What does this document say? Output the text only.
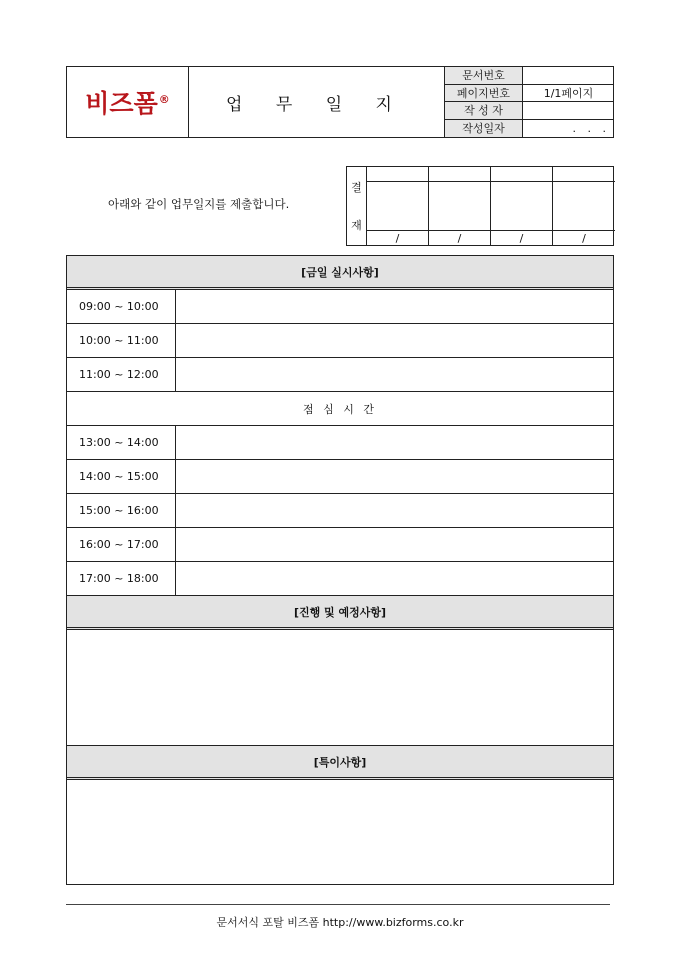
비즈폼®	업 무 일 지
문서번호
페이지번호	1/1페이지
작 성 자
작성일자	. . .
아래와 같이 업무일지를 제출합니다.
결
재
/	/	/	/
[금일 실시사항]
09:00 ~ 10:00
10:00 ~ 11:00
11:00 ~ 12:00
점 심 시 간
13:00 ~ 14:00
14:00 ~ 15:00
15:00 ~ 16:00
16:00 ~ 17:00
17:00 ~ 18:00
[진행 및 예정사항]
[특이사항]
문서서식 포탈 비즈폼 http://www.bizforms.co.kr
